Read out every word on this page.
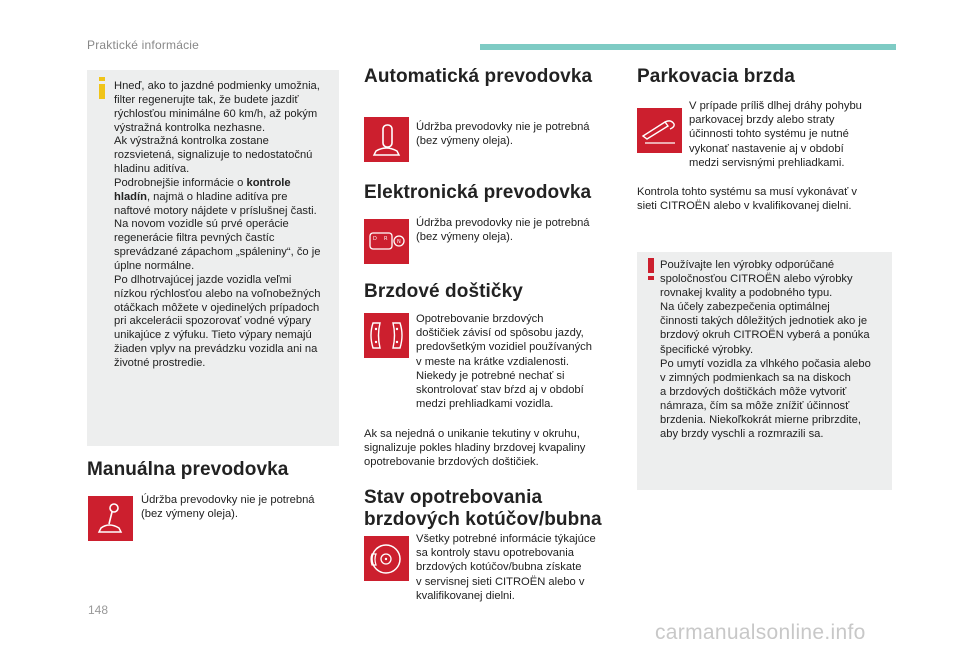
Praktické informácie

Hneď, ako to jazdné podmienky umožnia,

filter regenerujte tak, že budete jazdiť

rýchlosťou minimálne 60 km/h, až pokým

výstražná kontrolka nezhasne.

Ak výstražná kontrolka zostane

rozsvietená, signalizuje to nedostatočnú

hladinu aditíva.

Podrobnejšie informácie o kontrole

hladín, najmä o hladine aditíva pre

naftové motory nájdete v príslušnej časti.

Na novom vozidle sú prvé operácie

regenerácie filtra pevných častíc

sprevádzané zápachom „spáleniny“, čo je

úplne normálne.

Po dlhotrvajúcej jazde vozidla veľmi

nízkou rýchlosťou alebo na voľnobežných

otáčkach môžete v ojedinelých prípadoch

pri akcelerácii spozorovať vodné výpary

unikajúce z výfuku. Tieto výpary nemajú

žiaden vplyv na prevádzku vozidla ani na

životné prostredie.

Manuálna prevodovka
Údržba prevodovky nie je potrebná
(bez výmeny oleja).
Automatická prevodovka
Údržba prevodovky nie je potrebná
(bez výmeny oleja).
Elektronická prevodovka
D R N
Údržba prevodovky nie je potrebná
(bez výmeny oleja).
Brzdové doštičky
Opotrebovanie brzdových
doštičiek závisí od spôsobu jazdy,
predovšetkým vozidiel používaných
v meste na krátke vzdialenosti.
Niekedy je potrebné nechať si
skontrolovať stav bŕzd aj v období
medzi prehliadkami vozidla.
Ak sa nejedná o unikanie tekutiny v okruhu,
signalizuje pokles hladiny brzdovej kvapaliny
opotrebovanie brzdových doštičiek.
Stav opotrebovania
brzdových kotúčov/bubna
Všetky potrebné informácie týkajúce
sa kontroly stavu opotrebovania
brzdových kotúčov/bubna získate
v servisnej sieti CITROËN alebo v
kvalifikovanej dielni.
Parkovacia brzda
V prípade príliš dlhej dráhy pohybu
parkovacej brzdy alebo straty
účinnosti tohto systému je nutné
vykonať nastavenie aj v období
medzi servisnými prehliadkami.
Kontrola tohto systému sa musí vykonávať v
sieti CITROËN alebo v kvalifikovanej dielni.
Používajte len výrobky odporúčané
spoločnosťou CITROËN alebo výrobky
rovnakej kvality a podobného typu.
Na účely zabezpečenia optimálnej
činnosti takých dôležitých jednotiek ako je
brzdový okruh CITROËN vyberá a ponúka
špecifické výrobky.
Po umytí vozidla za vlhkého počasia alebo
v zimných podmienkach sa na diskoch
a brzdových doštičkách môže vytvoriť
námraza, čím sa môže znížiť účinnosť
brzdenia. Niekoľkokrát mierne pribrzdite,
aby brzdy vyschli a rozmrazili sa.
148
carmanualsonline.info
